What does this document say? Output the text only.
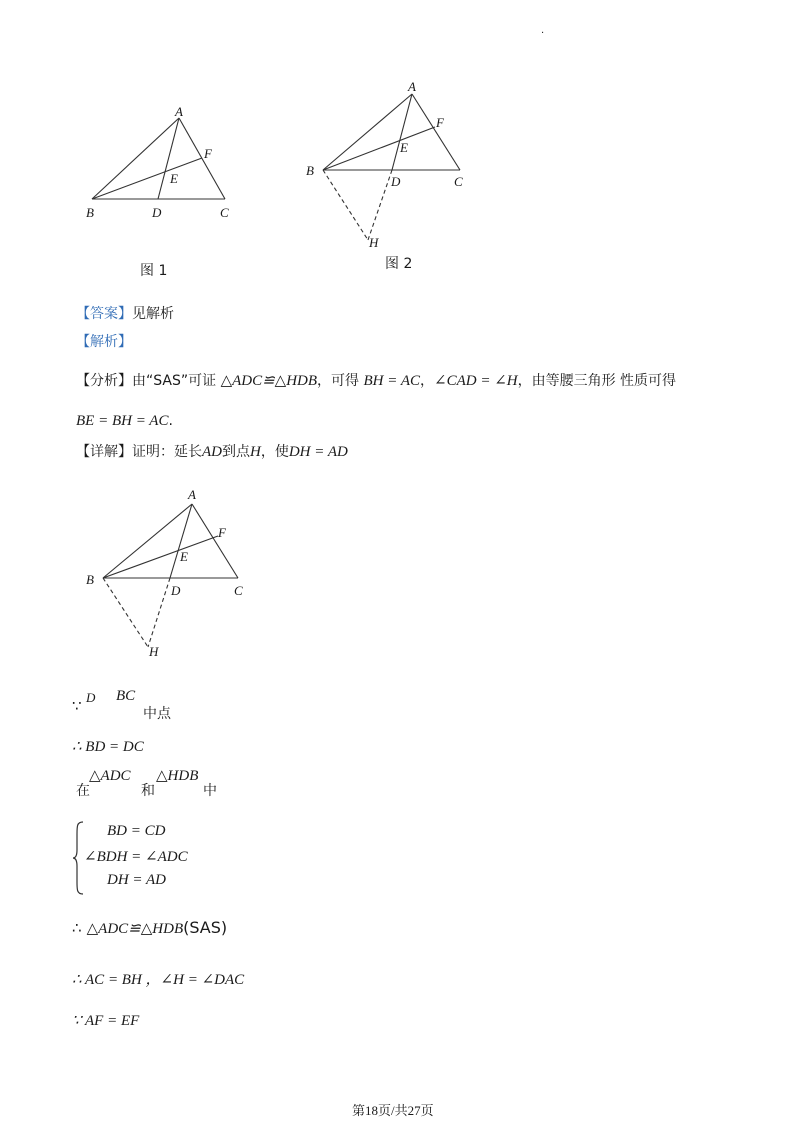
·
A
B	C
D
E
F
图 1
A
B
C
D
E
F
H
图 2
【答案】见解析
【解析】
【分析】由“SAS”可证 △ADC≌△HDB，可得 BH = AC，∠CAD = ∠H，由等腰三角形 性质可得
BE = BH = AC.
【详解】证明：延长AD到点H，使DH = AD
A
B
C
D
E
F
H
∵ D BC
中点
∴ BD = DC
在
△ADC
和
△HDB
中
BD = CD
∠BDH = ∠ADC
DH = AD
∴ △ADC≌△HDB(SAS)
∴ AC = BH ，∠H = ∠DAC
∵ AF = EF
第18页/共27页
